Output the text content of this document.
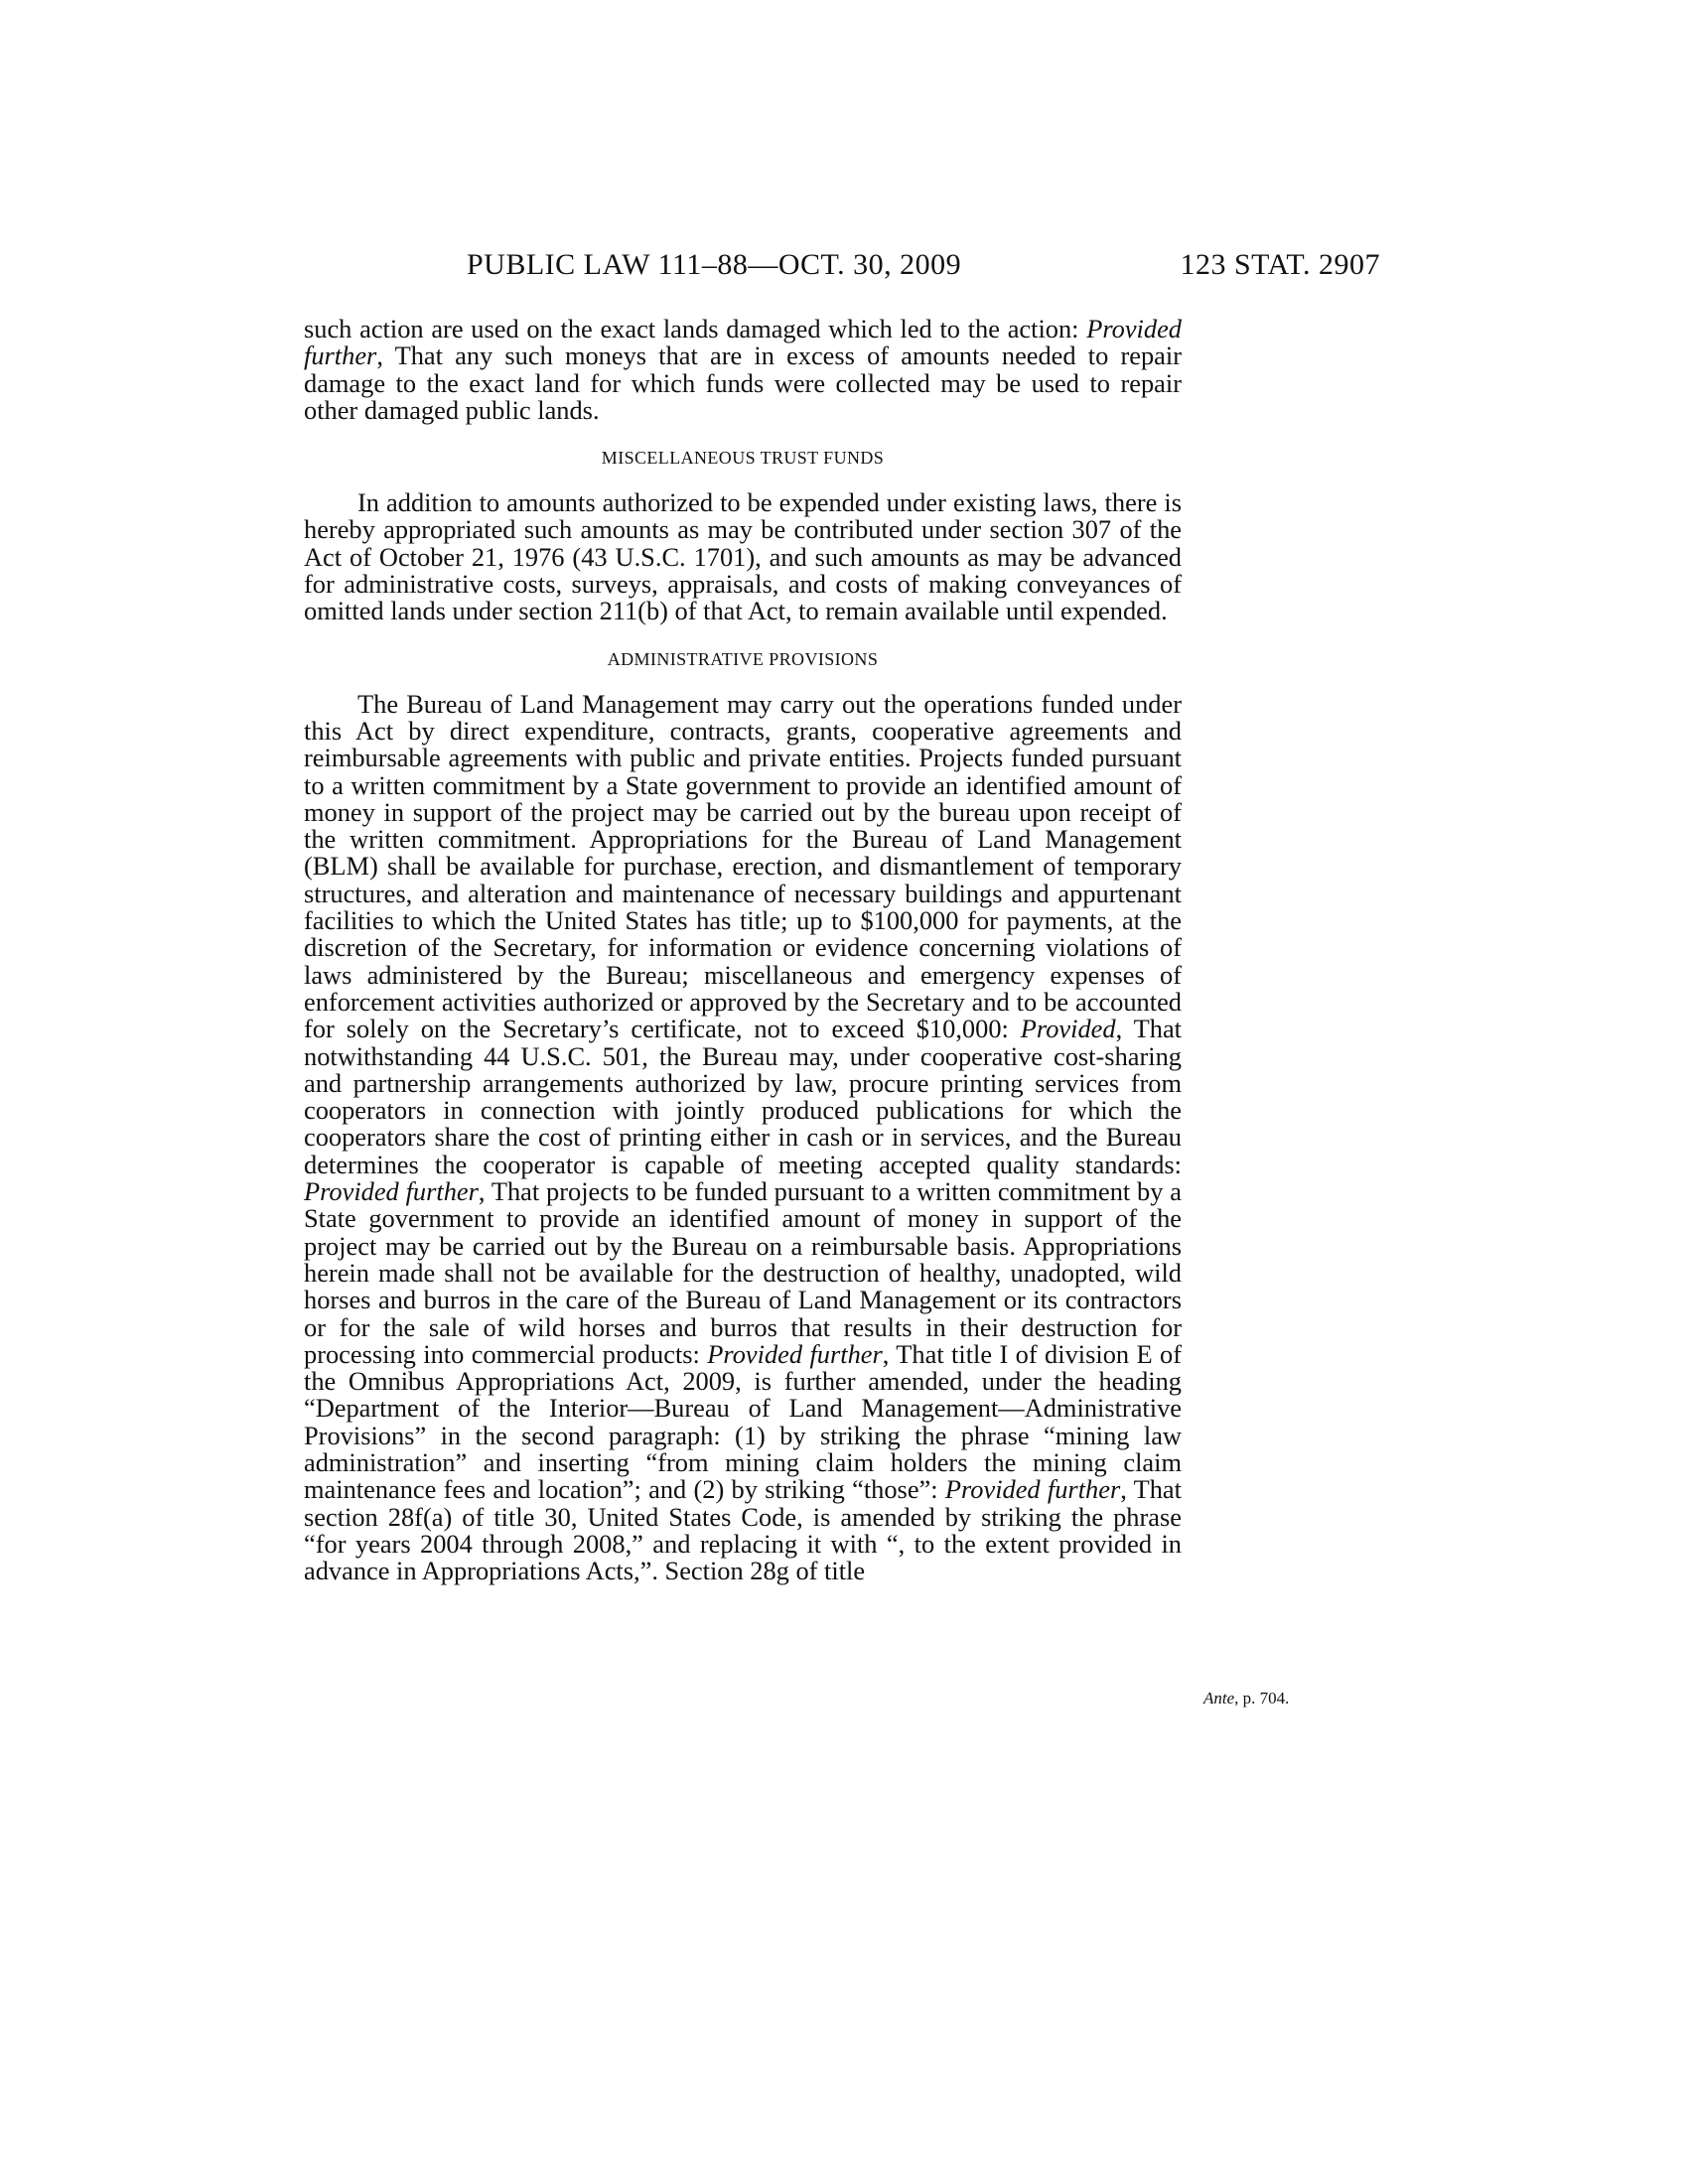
PUBLIC LAW 111–88—OCT. 30, 2009	123 STAT. 2907

such action are used on the exact lands damaged which led to the action: Provided further, That any such moneys that are in excess of amounts needed to repair damage to the exact land for which funds were collected may be used to repair other damaged public lands.

MISCELLANEOUS TRUST FUNDS

In addition to amounts authorized to be expended under existing laws, there is hereby appropriated such amounts as may be contributed under section 307 of the Act of October 21, 1976 (43 U.S.C. 1701), and such amounts as may be advanced for administrative costs, surveys, appraisals, and costs of making conveyances of omitted lands under section 211(b) of that Act, to remain available until expended.

ADMINISTRATIVE PROVISIONS

The Bureau of Land Management may carry out the operations funded under this Act by direct expenditure, contracts, grants, cooperative agreements and reimbursable agreements with public and private entities. Projects funded pursuant to a written commitment by a State government to provide an identified amount of money in support of the project may be carried out by the bureau upon receipt of the written commitment. Appropriations for the Bureau of Land Management (BLM) shall be available for purchase, erection, and dismantlement of temporary structures, and alteration and maintenance of necessary buildings and appurtenant facilities to which the United States has title; up to $100,000 for payments, at the discretion of the Secretary, for information or evidence concerning violations of laws administered by the Bureau; miscellaneous and emergency expenses of enforcement activities authorized or approved by the Secretary and to be accounted for solely on the Secretary’s certificate, not to exceed $10,000: Provided, That notwithstanding 44 U.S.C. 501, the Bureau may, under cooperative cost-sharing and partnership arrangements authorized by law, procure printing services from cooperators in connection with jointly produced publications for which the cooperators share the cost of printing either in cash or in services, and the Bureau determines the cooperator is capable of meeting accepted quality standards: Provided further, That projects to be funded pursuant to a written commitment by a State government to provide an identified amount of money in support of the project may be carried out by the Bureau on a reimbursable basis. Appropriations herein made shall not be available for the destruction of healthy, unadopted, wild horses and burros in the care of the Bureau of Land Management or its contractors or for the sale of wild horses and burros that results in their destruction for processing into commercial products: Provided further, That title I of division E of the Omnibus Appropriations Act, 2009, is further amended, under the heading “Department of the Interior—Bureau of Land Management—Administrative Provisions” in the second paragraph: (1) by striking the phrase “mining law administration” and inserting “from mining claim holders the mining claim maintenance fees and location”; and (2) by striking “those”: Provided further, That section 28f(a) of title 30, United States Code, is amended by striking the phrase “for years 2004 through 2008,” and replacing it with “, to the extent provided in advance in Appropriations Acts,”. Section 28g of title

Ante, p. 704.
